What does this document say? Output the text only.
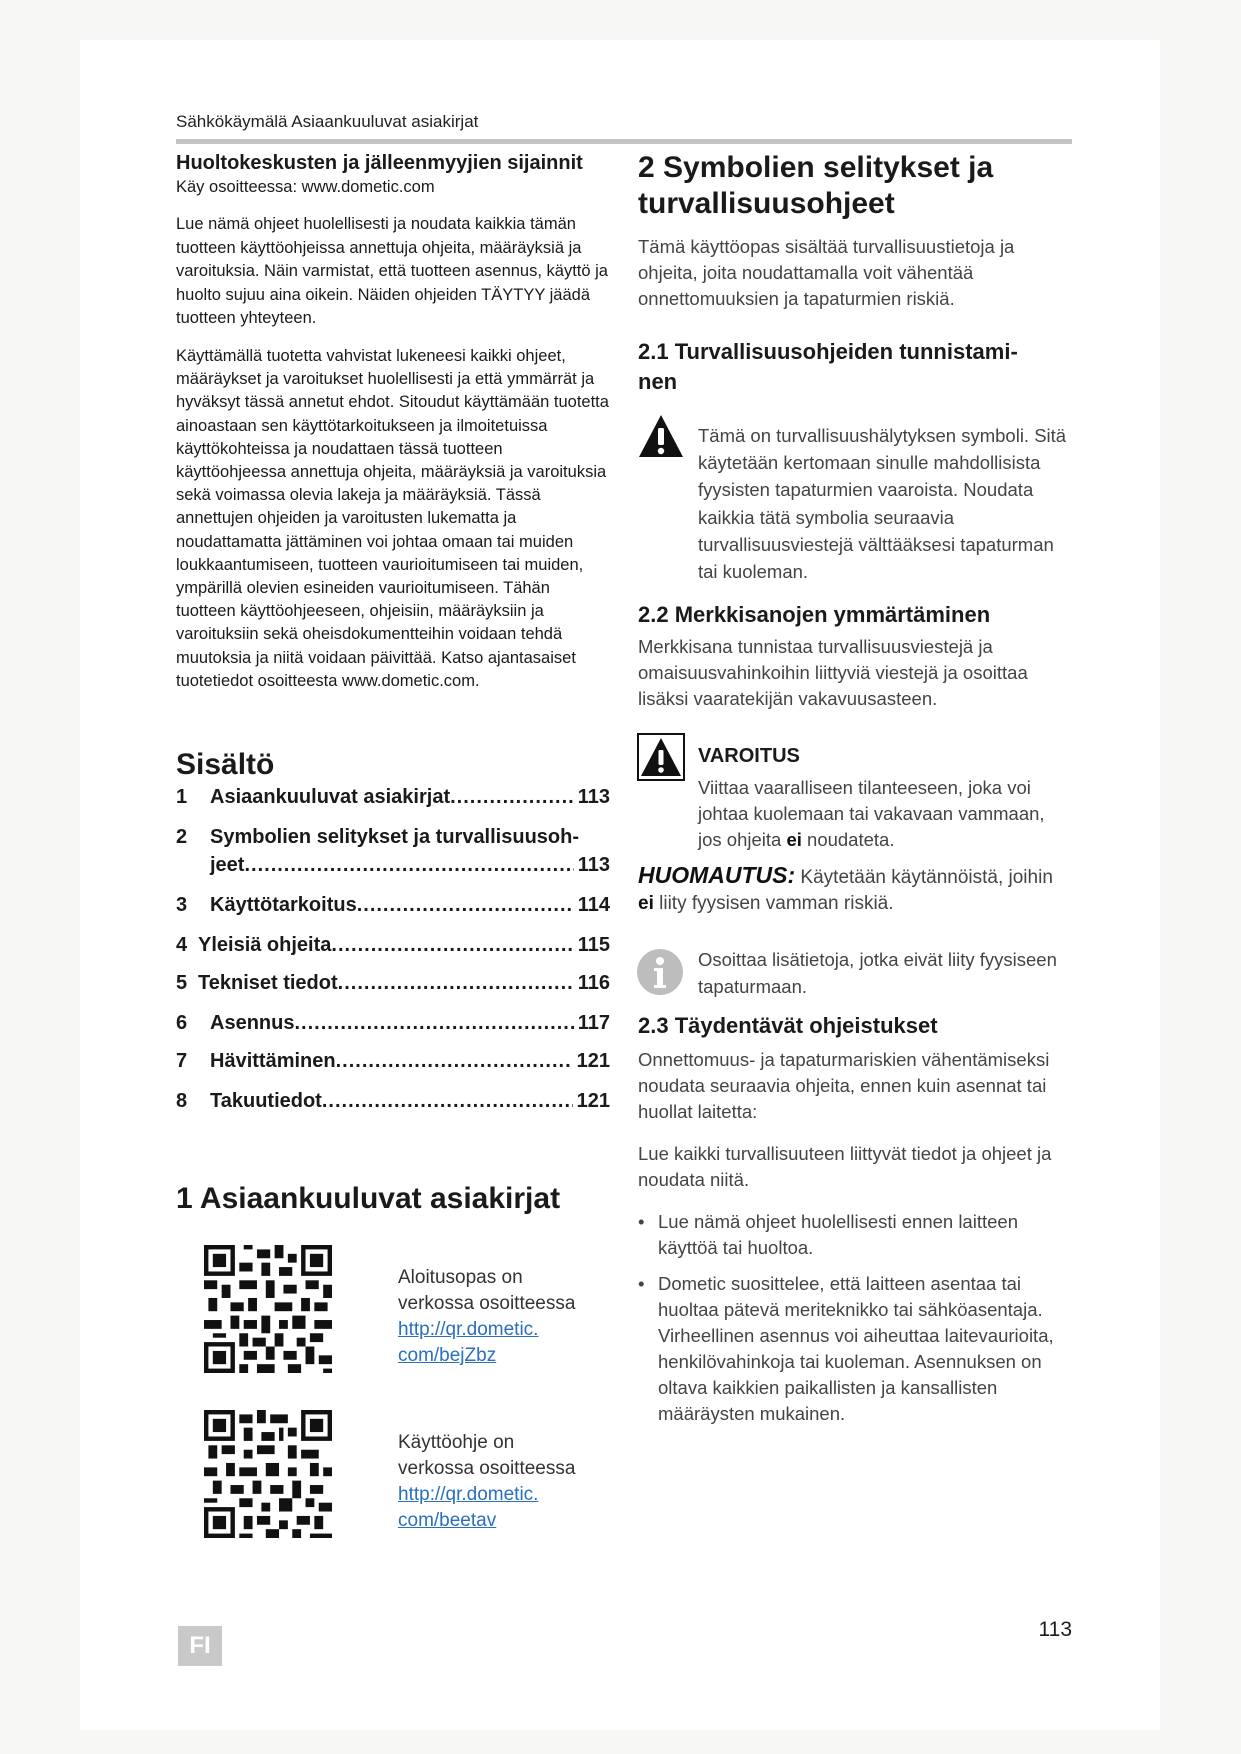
Sähkökäymälä Asiaankuuluvat asiakirjat
Huoltokeskusten ja jälleenmyyjien sijainnit
Käy osoitteessa: www.dometic.com
Lue nämä ohjeet huolellisesti ja noudata kaikkia tämän tuotteen käyttöohjeissa annettuja ohjeita, määräyksiä ja varoituksia. Näin varmistat, että tuotteen asennus, käyttö ja huolto sujuu aina oikein. Näiden ohjeiden TÄYTYY jäädä tuotteen yhteyteen.
Käyttämällä tuotetta vahvistat lukeneesi kaikki ohjeet, määräykset ja varoitukset huolellisesti ja että ymmärrät ja hyväksyt tässä annetut ehdot. Sitoudut käyttämään tuotetta ainoastaan sen käyttötarkoitukseen ja ilmoitetuissa käyttökohteissa ja noudattaen tässä tuotteen käyttöohjeessa annettuja ohjeita, määräyksiä ja varoituksia sekä voimassa olevia lakeja ja määräyksiä. Tässä annettujen ohjeiden ja varoitusten lukematta ja noudattamatta jättäminen voi johtaa omaan tai muiden loukkaantumiseen, tuotteen vaurioitumiseen tai muiden, ympärillä olevien esineiden vaurioitumiseen. Tähän tuotteen käyttöohjeeseen, ohjeisiin, määräyksiin ja varoituksiin sekä oheisdokumentteihin voidaan tehdä muutoksia ja niitä voidaan päivittää. Katso ajantasaiset tuotetiedot osoitteesta www.dometic.com.
Sisältö
1	Asiaankuuluvat asiakirjat .....	113
2	Symbolien selitykset ja turvallisuusoh-
jeet .....	113
3	Käyttötarkoitus .....	114
4 Yleisiä ohjeita .....	115
5 Tekniset tiedot .....	116
6	Asennus .....	117
7	Hävittäminen .....	121
8	Takuutiedot .....	121
1 Asiaankuuluvat asiakirjat
Aloitusopas on
verkossa osoitteessa
http://qr.dometic.
com/bejZbz
Käyttöohje on
verkossa osoitteessa
http://qr.dometic.
com/beetav
2 Symbolien selitykset ja
turvallisuusohjeet
Tämä käyttöopas sisältää turvallisuustietoja ja ohjeita, joita noudattamalla voit vähentää onnettomuuksien ja tapaturmien riskiä.
2.1 Turvallisuusohjeiden tunnistami-
nen
Tämä on turvallisuushälytyksen symboli. Sitä käytetään kertomaan sinulle mahdollisista fyysisten tapaturmien vaaroista. Noudata kaikkia tätä symbolia seuraavia turvallisuusviestejä välttääksesi tapaturman tai kuoleman.
2.2 Merkkisanojen ymmärtäminen
Merkkisana tunnistaa turvallisuusviestejä ja omaisuusvahinkoihin liittyviä viestejä ja osoittaa lisäksi vaaratekijän vakavuusasteen.
VAROITUS
Viittaa vaaralliseen tilanteeseen, joka voi johtaa kuolemaan tai vakavaan vammaan, jos ohjeita ei noudateta.
HUOMAUTUS: Käytetään käytännöistä, joihin ei liity fyysisen vamman riskiä.
Osoittaa lisätietoja, jotka eivät liity fyysiseen tapaturmaan.
2.3 Täydentävät ohjeistukset
Onnettomuus- ja tapaturmariskien vähentämiseksi noudata seuraavia ohjeita, ennen kuin asennat tai huollat laitetta:
Lue kaikki turvallisuuteen liittyvät tiedot ja ohjeet ja noudata niitä.
• Lue nämä ohjeet huolellisesti ennen laitteen käyttöä tai huoltoa.
• Dometic suosittelee, että laitteen asentaa tai huoltaa pätevä meriteknikko tai sähköasentaja. Virheellinen asennus voi aiheuttaa laitevaurioita, henkilövahinkoja tai kuoleman. Asennuksen on oltava kaikkien paikallisten ja kansallisten määräysten mukainen.
FI
113
